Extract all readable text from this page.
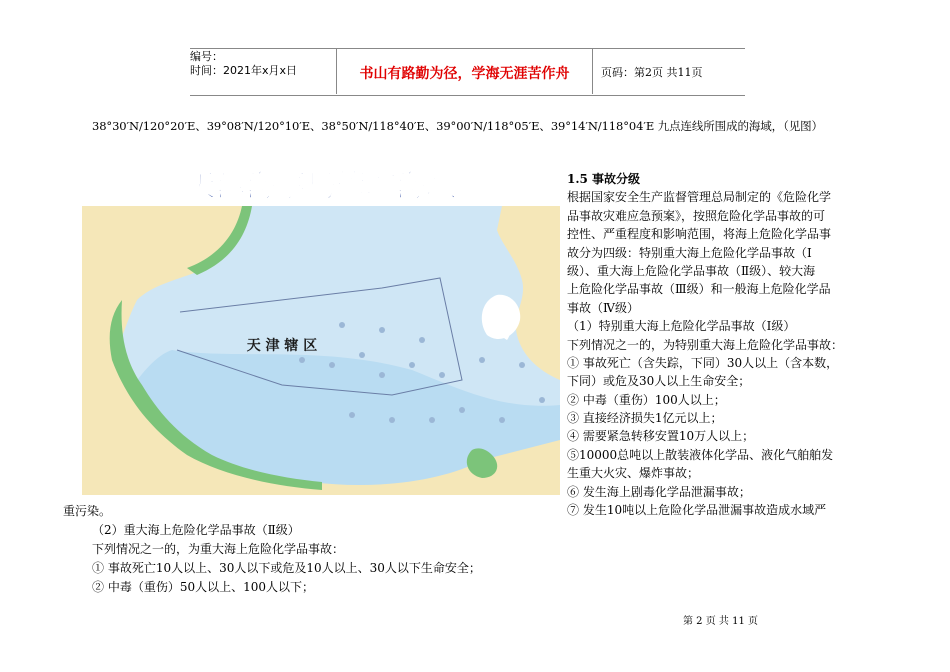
编号：
时间：2021年x月x日	书山有路勤为径，学海无涯苦作舟	页码：第2页 共11页
38°30′N/120°20′E、39°08′N/120°10′E、38°50′N/118°40′E、39°00′N/118°05′E、39°14′N/118°04′E 九点连线所围成的海域，（见图）
天津海事局管辖海域
天 津 辖 区
1.5 事故分级
根据国家安全生产监督管理总局制定的《危险化学
品事故灾难应急预案》，按照危险化学品事故的可
控性、严重程度和影响范围，将海上危险化学品事
故分为四级：特别重大海上危险化学品事故（Ⅰ
级）、重大海上危险化学品事故（Ⅱ级）、较大海
上危险化学品事故（Ⅲ级）和一般海上危险化学品
事故（Ⅳ级）
（1）特别重大海上危险化学品事故（Ⅰ级）
下列情况之一的，为特别重大海上危险化学品事故：
① 事故死亡（含失踪，下同）30人以上（含本数，
下同）或危及30人以上生命安全；
② 中毒（重伤）100人以上；
③ 直接经济损失1亿元以上；
④ 需要紧急转移安置10万人以上；
⑤10000总吨以上散装液体化学品、液化气舶舶发
生重大火灾、爆炸事故；
⑥ 发生海上剧毒化学品泄漏事故；
⑦ 发生10吨以上危险化学品泄漏事故造成水域严
重污染。
（2）重大海上危险化学品事故（Ⅱ级）
下列情况之一的，为重大海上危险化学品事故：
① 事故死亡10人以上、30人以下或危及10人以上、30人以下生命安全；
② 中毒（重伤）50人以上、100人以下；
第 2 页 共 11 页
